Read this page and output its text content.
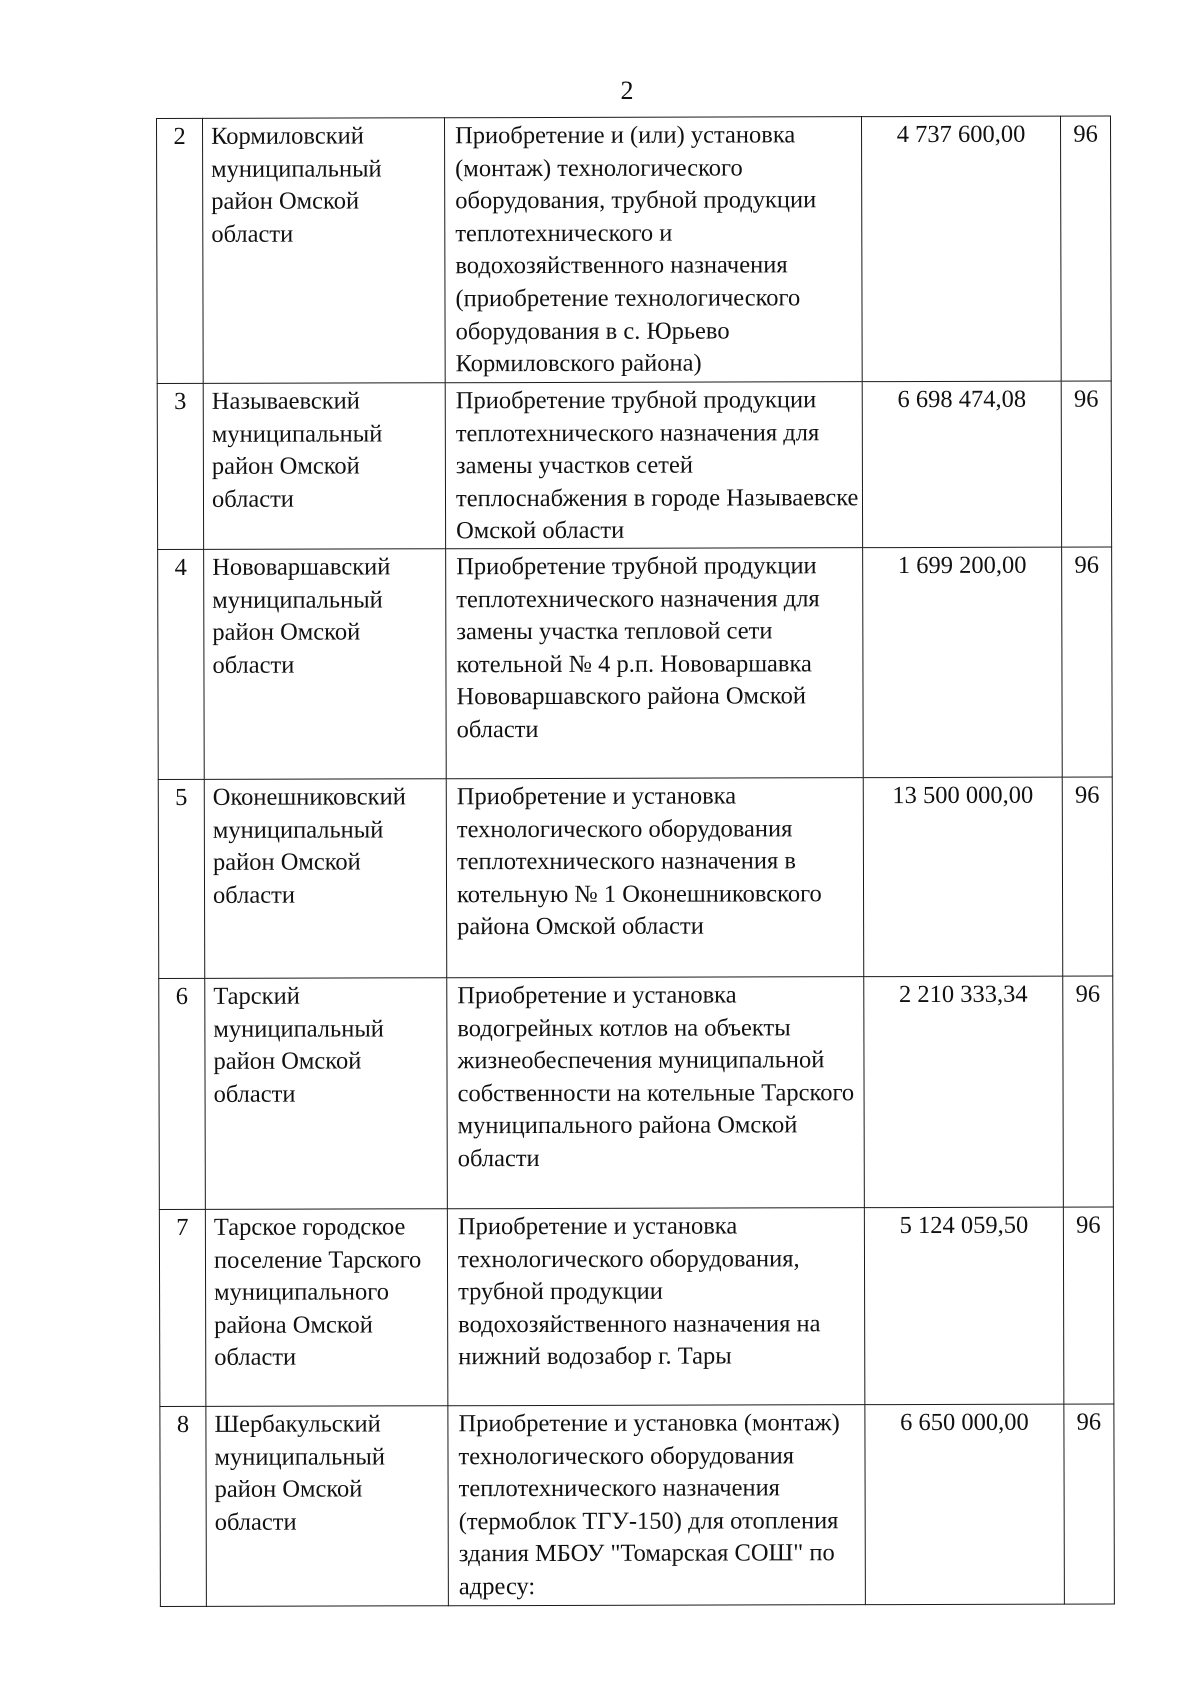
2
2	Кормиловский муниципальный район Омской области	Приобретение и (или) установка (монтаж) технологического оборудования, трубной продукции теплотехнического и водохозяйственного назначения (приобретение технологического оборудования в с. Юрьево Кормиловского района)	4 737 600,00	96
3	Называевский муниципальный район Омской области	Приобретение трубной продукции теплотехнического назначения для замены участков сетей теплоснабжения в городе Называевске Омской области	6 698 474,08	96
4	Нововаршавский муниципальный район Омской области	Приобретение трубной продукции теплотехнического назначения для замены участка тепловой сети котельной № 4 р.п. Нововаршавка Нововаршавского района Омской области	1 699 200,00	96
5	Оконешниковский муниципальный район Омской области	Приобретение и установка технологического оборудования теплотехнического назначения в котельную № 1 Оконешниковского района Омской области	13 500 000,00	96
6	Тарский муниципальный район Омской области	Приобретение и установка водогрейных котлов на объекты жизнеобеспечения муниципальной собственности на котельные Тарского муниципального района Омской области	2 210 333,34	96
7	Тарское городское поселение Тарского муниципального района Омской области	Приобретение и установка технологического оборудования, трубной продукции водохозяйственного назначения на нижний водозабор г. Тары	5 124 059,50	96
8	Шербакульский муниципальный район Омской области	Приобретение и установка (монтаж) технологического оборудования теплотехнического назначения (термоблок ТГУ-150) для отопления здания МБОУ "Томарская СОШ" по адресу:	6 650 000,00	96
